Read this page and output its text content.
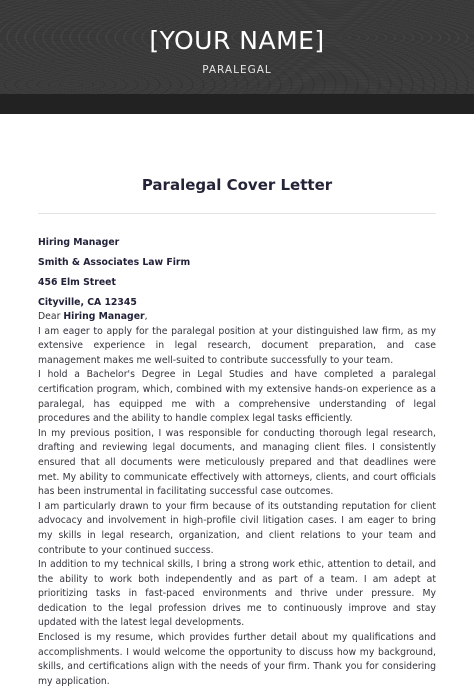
[YOUR NAME]
PARALEGAL
Paralegal Cover Letter
Hiring Manager
Smith & Associates Law Firm
456 Elm Street
Cityville, CA 12345

Dear Hiring Manager,

I am eager to apply for the paralegal position at your distinguished law firm, as my extensive experience in legal research, document preparation, and case management makes me well-suited to contribute successfully to your team.

I hold a Bachelor's Degree in Legal Studies and have completed a paralegal certification program, which, combined with my extensive hands-on experience as a paralegal, has equipped me with a comprehensive understanding of legal procedures and the ability to handle complex legal tasks efficiently.

In my previous position, I was responsible for conducting thorough legal research, drafting and reviewing legal documents, and managing client files. I consistently ensured that all documents were meticulously prepared and that deadlines were met. My ability to communicate effectively with attorneys, clients, and court officials has been instrumental in facilitating successful case outcomes.

I am particularly drawn to your firm because of its outstanding reputation for client advocacy and involvement in high-profile civil litigation cases. I am eager to bring my skills in legal research, organization, and client relations to your team and contribute to your continued success.

In addition to my technical skills, I bring a strong work ethic, attention to detail, and the ability to work both independently and as part of a team. I am adept at prioritizing tasks in fast-paced environments and thrive under pressure. My dedication to the legal profession drives me to continuously improve and stay updated with the latest legal developments.

Enclosed is my resume, which provides further detail about my qualifications and accomplishments. I would welcome the opportunity to discuss how my background, skills, and certifications align with the needs of your firm. Thank you for considering my application.
